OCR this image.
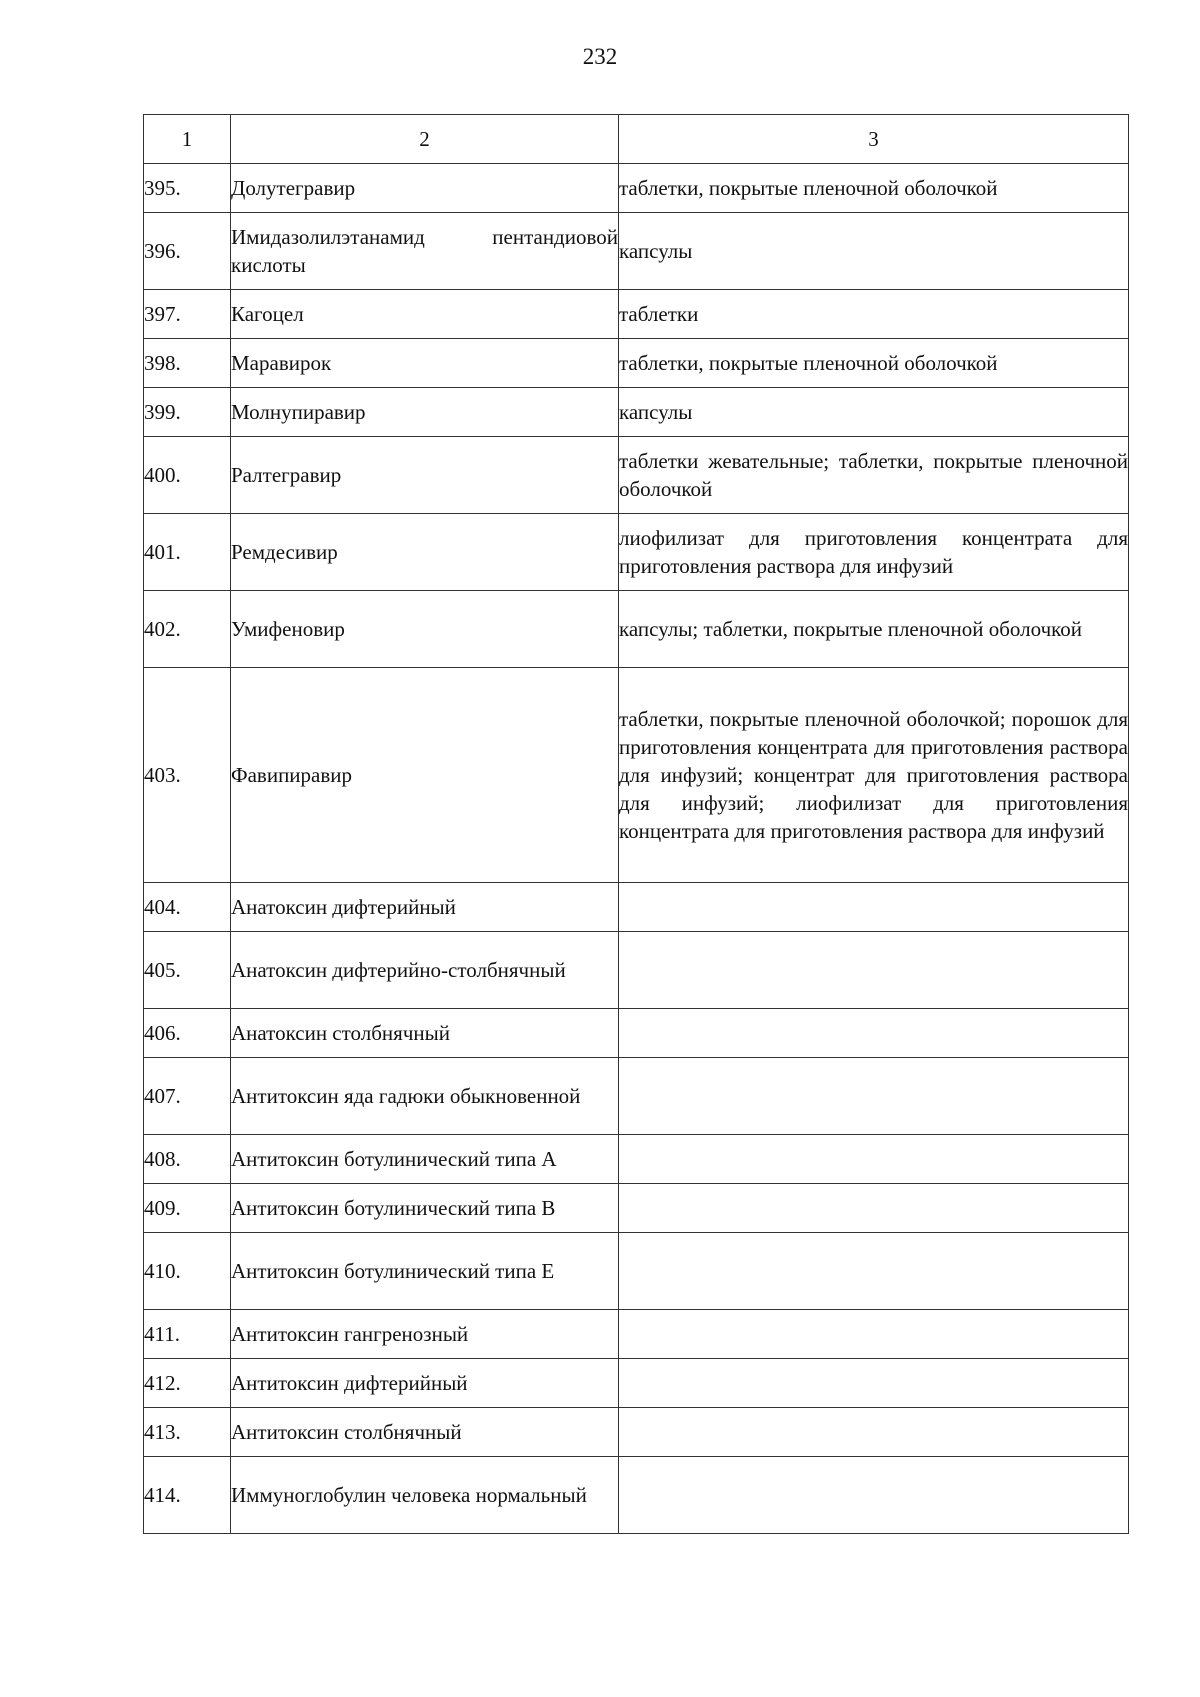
232
1	2	3
395.	Долутегравир	таблетки, покрытые пленочной оболочкой
396.	Имидазолилэтанамид пентандиовой кислоты	капсулы
397.	Кагоцел	таблетки
398.	Маравирок	таблетки, покрытые пленочной оболочкой
399.	Молнупиравир	капсулы
400.	Ралтегравир	таблетки жевательные; таблетки, покрытые пленочной оболочкой
401.	Ремдесивир	лиофилизат для приготовления концентрата для приготовления раствора для инфузий
402.	Умифеновир	капсулы; таблетки, покрытые пленочной оболочкой
403.	Фавипиравир	таблетки, покрытые пленочной оболочкой; порошок для приготовления концентрата для приготовления раствора для инфузий; концентрат для приготовления раствора для инфузий; лиофилизат для приготовления концентрата для приготовления раствора для инфузий
404.	Анатоксин дифтерийный	
405.	Анатоксин дифтерийно-столбнячный	
406.	Анатоксин столбнячный	
407.	Антитоксин яда гадюки обыкновенной	
408.	Антитоксин ботулинический типа A	
409.	Антитоксин ботулинический типа B	
410.	Антитоксин ботулинический типа E	
411.	Антитоксин гангренозный	
412.	Антитоксин дифтерийный	
413.	Антитоксин столбнячный	
414.	Иммуноглобулин человека нормальный	
